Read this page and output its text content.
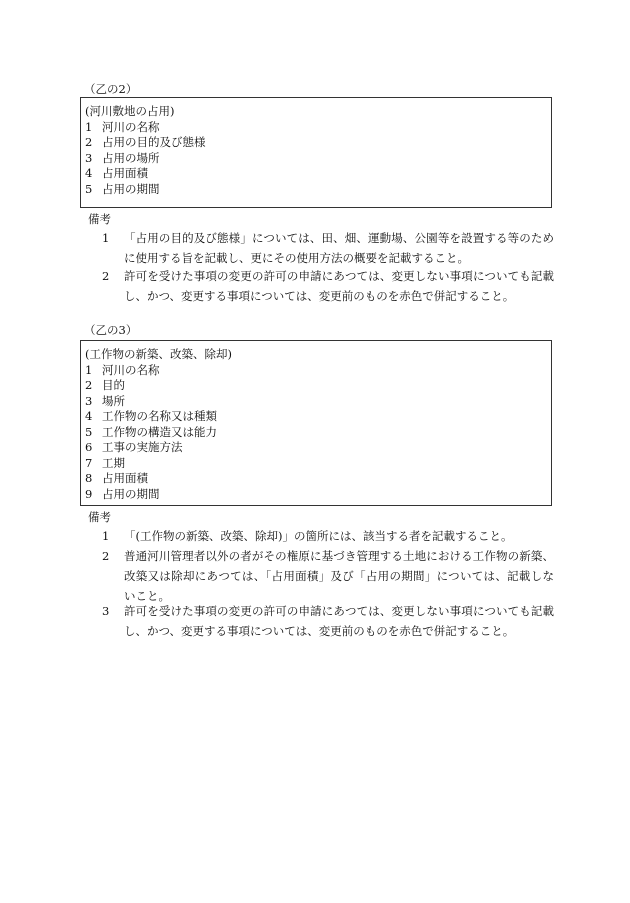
（乙の2）
(河川敷地の占用)
1 河川の名称
2 占用の目的及び態様
3 占用の場所
4 占用面積
5 占用の期間
備考
1	「占用の目的及び態様」については、田、畑、運動場、公園等を設置する等のために使用する旨を記載し、更にその使用方法の概要を記載すること。
2	許可を受けた事項の変更の許可の申請にあつては、変更しない事項についても記載し、かつ、変更する事項については、変更前のものを赤色で併記すること。
（乙の3）
(工作物の新築、改築、除却)
1 河川の名称
2 目的
3 場所
4 工作物の名称又は種類
5 工作物の構造又は能力
6 工事の実施方法
7 工期
8 占用面積
9 占用の期間
備考
1	「(工作物の新築、改築、除却)」の箇所には、該当する者を記載すること。
2	普通河川管理者以外の者がその権原に基づき管理する土地における工作物の新築、改築又は除却にあつては、「占用面積」及び「占用の期間」については、記載しないこと。
3	許可を受けた事項の変更の許可の申請にあつては、変更しない事項についても記載し、かつ、変更する事項については、変更前のものを赤色で併記すること。
